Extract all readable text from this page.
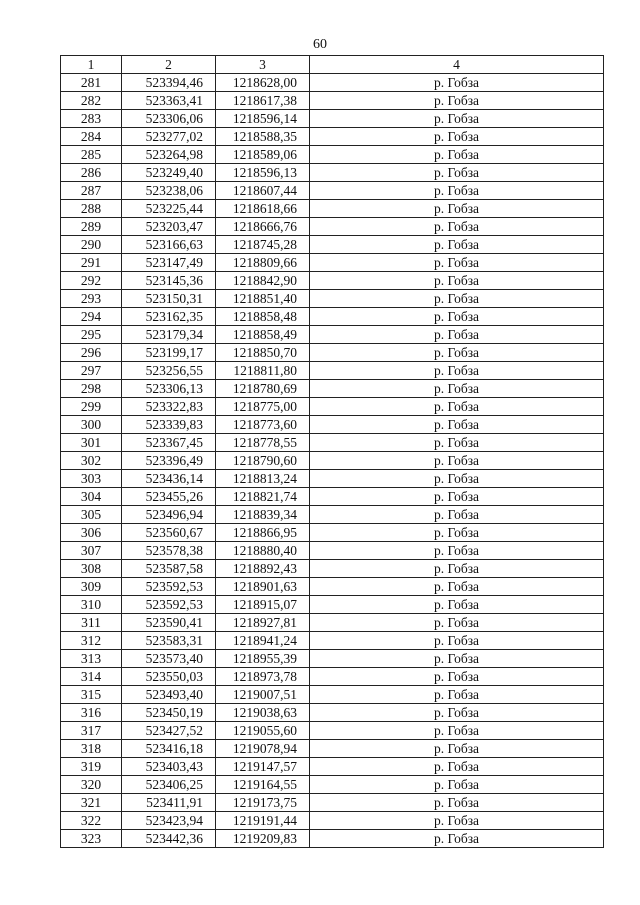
60
1	2	3	4
281	523394,46	1218628,00	р. Гобза
282	523363,41	1218617,38	р. Гобза
283	523306,06	1218596,14	р. Гобза
284	523277,02	1218588,35	р. Гобза
285	523264,98	1218589,06	р. Гобза
286	523249,40	1218596,13	р. Гобза
287	523238,06	1218607,44	р. Гобза
288	523225,44	1218618,66	р. Гобза
289	523203,47	1218666,76	р. Гобза
290	523166,63	1218745,28	р. Гобза
291	523147,49	1218809,66	р. Гобза
292	523145,36	1218842,90	р. Гобза
293	523150,31	1218851,40	р. Гобза
294	523162,35	1218858,48	р. Гобза
295	523179,34	1218858,49	р. Гобза
296	523199,17	1218850,70	р. Гобза
297	523256,55	1218811,80	р. Гобза
298	523306,13	1218780,69	р. Гобза
299	523322,83	1218775,00	р. Гобза
300	523339,83	1218773,60	р. Гобза
301	523367,45	1218778,55	р. Гобза
302	523396,49	1218790,60	р. Гобза
303	523436,14	1218813,24	р. Гобза
304	523455,26	1218821,74	р. Гобза
305	523496,94	1218839,34	р. Гобза
306	523560,67	1218866,95	р. Гобза
307	523578,38	1218880,40	р. Гобза
308	523587,58	1218892,43	р. Гобза
309	523592,53	1218901,63	р. Гобза
310	523592,53	1218915,07	р. Гобза
311	523590,41	1218927,81	р. Гобза
312	523583,31	1218941,24	р. Гобза
313	523573,40	1218955,39	р. Гобза
314	523550,03	1218973,78	р. Гобза
315	523493,40	1219007,51	р. Гобза
316	523450,19	1219038,63	р. Гобза
317	523427,52	1219055,60	р. Гобза
318	523416,18	1219078,94	р. Гобза
319	523403,43	1219147,57	р. Гобза
320	523406,25	1219164,55	р. Гобза
321	523411,91	1219173,75	р. Гобза
322	523423,94	1219191,44	р. Гобза
323	523442,36	1219209,83	р. Гобза
